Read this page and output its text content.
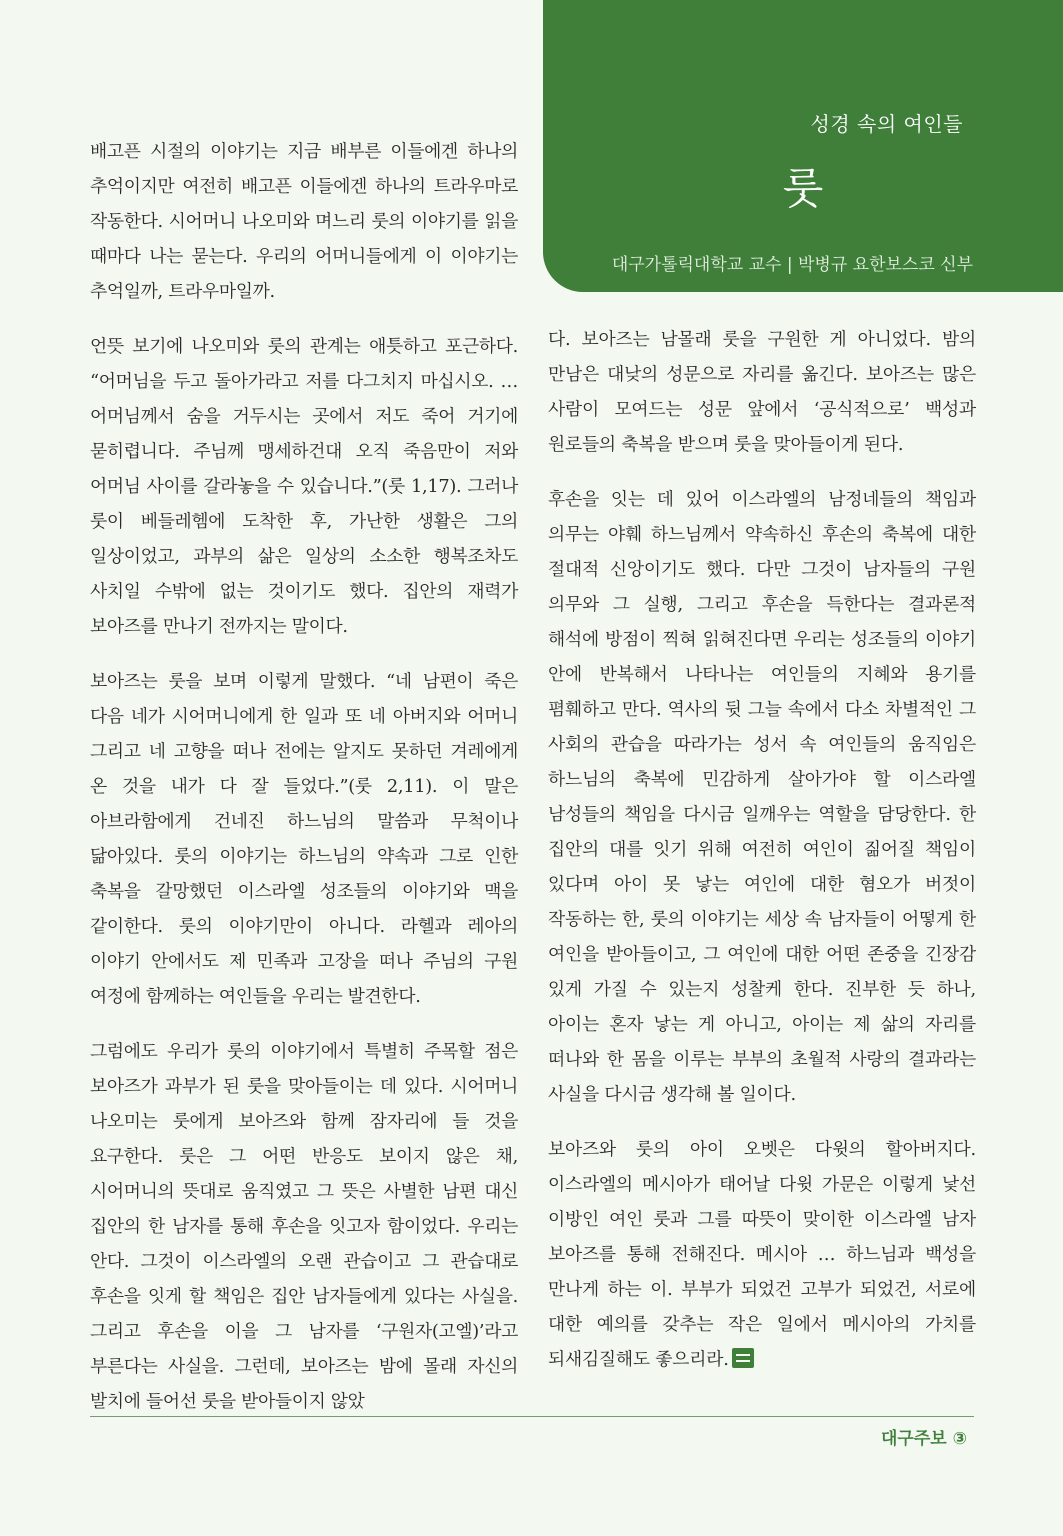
성경 속의 여인들
룻

대구가톨릭대학교 교수 | 박병규 요한보스코 신부

배고픈 시절의 이야기는 지금 배부른 이들에겐 하나의 추억이지만 여전히 배고픈 이들에겐 하나의 트라우마로 작동한다. 시어머니 나오미와 며느리 룻의 이야기를 읽을 때마다 나는 묻는다. 우리의 어머니들에게 이 이야기는 추억일까, 트라우마일까.

언뜻 보기에 나오미와 룻의 관계는 애틋하고 포근하다. “어머님을 두고 돌아가라고 저를 다그치지 마십시오. … 어머님께서 숨을 거두시는 곳에서 저도 죽어 거기에 묻히렵니다. 주님께 맹세하건대 오직 죽음만이 저와 어머님 사이를 갈라놓을 수 있습니다.”(룻 1,17). 그러나 룻이 베들레헴에 도착한 후, 가난한 생활은 그의 일상이었고, 과부의 삶은 일상의 소소한 행복조차도 사치일 수밖에 없는 것이기도 했다. 집안의 재력가 보아즈를 만나기 전까지는 말이다.

보아즈는 룻을 보며 이렇게 말했다. “네 남편이 죽은 다음 네가 시어머니에게 한 일과 또 네 아버지와 어머니 그리고 네 고향을 떠나 전에는 알지도 못하던 겨레에게 온 것을 내가 다 잘 들었다.”(룻 2,11). 이 말은 아브라함에게 건네진 하느님의 말씀과 무척이나 닮아있다. 룻의 이야기는 하느님의 약속과 그로 인한 축복을 갈망했던 이스라엘 성조들의 이야기와 맥을 같이한다. 룻의 이야기만이 아니다. 라헬과 레아의 이야기 안에서도 제 민족과 고장을 떠나 주님의 구원 여정에 함께하는 여인들을 우리는 발견한다.

그럼에도 우리가 룻의 이야기에서 특별히 주목할 점은 보아즈가 과부가 된 룻을 맞아들이는 데 있다. 시어머니 나오미는 룻에게 보아즈와 함께 잠자리에 들 것을 요구한다. 룻은 그 어떤 반응도 보이지 않은 채, 시어머니의 뜻대로 움직였고 그 뜻은 사별한 남편 대신 집안의 한 남자를 통해 후손을 잇고자 함이었다. 우리는 안다. 그것이 이스라엘의 오랜 관습이고 그 관습대로 후손을 잇게 할 책임은 집안 남자들에게 있다는 사실을. 그리고 후손을 이을 그 남자를 ‘구원자(고엘)’라고 부른다는 사실을. 그런데, 보아즈는 밤에 몰래 자신의 발치에 들어선 룻을 받아들이지 않았

다. 보아즈는 남몰래 룻을 구원한 게 아니었다. 밤의 만남은 대낮의 성문으로 자리를 옮긴다. 보아즈는 많은 사람이 모여드는 성문 앞에서 ‘공식적으로’ 백성과 원로들의 축복을 받으며 룻을 맞아들이게 된다.

후손을 잇는 데 있어 이스라엘의 남정네들의 책임과 의무는 야훼 하느님께서 약속하신 후손의 축복에 대한 절대적 신앙이기도 했다. 다만 그것이 남자들의 구원 의무와 그 실행, 그리고 후손을 득한다는 결과론적 해석에 방점이 찍혀 읽혀진다면 우리는 성조들의 이야기 안에 반복해서 나타나는 여인들의 지혜와 용기를 폄훼하고 만다. 역사의 뒷 그늘 속에서 다소 차별적인 그 사회의 관습을 따라가는 성서 속 여인들의 움직임은 하느님의 축복에 민감하게 살아가야 할 이스라엘 남성들의 책임을 다시금 일깨우는 역할을 담당한다. 한 집안의 대를 잇기 위해 여전히 여인이 짊어질 책임이 있다며 아이 못 낳는 여인에 대한 혐오가 버젓이 작동하는 한, 룻의 이야기는 세상 속 남자들이 어떻게 한 여인을 받아들이고, 그 여인에 대한 어떤 존중을 긴장감 있게 가질 수 있는지 성찰케 한다. 진부한 듯 하나, 아이는 혼자 낳는 게 아니고, 아이는 제 삶의 자리를 떠나와 한 몸을 이루는 부부의 초월적 사랑의 결과라는 사실을 다시금 생각해 볼 일이다.

보아즈와 룻의 아이 오벳은 다윗의 할아버지다. 이스라엘의 메시아가 태어날 다윗 가문은 이렇게 낯선 이방인 여인 룻과 그를 따뜻이 맞이한 이스라엘 남자 보아즈를 통해 전해진다. 메시아 … 하느님과 백성을 만나게 하는 이. 부부가 되었건 고부가 되었건, 서로에 대한 예의를 갖추는 작은 일에서 메시아의 가치를 되새김질해도 좋으리라.

대구주보 ③
